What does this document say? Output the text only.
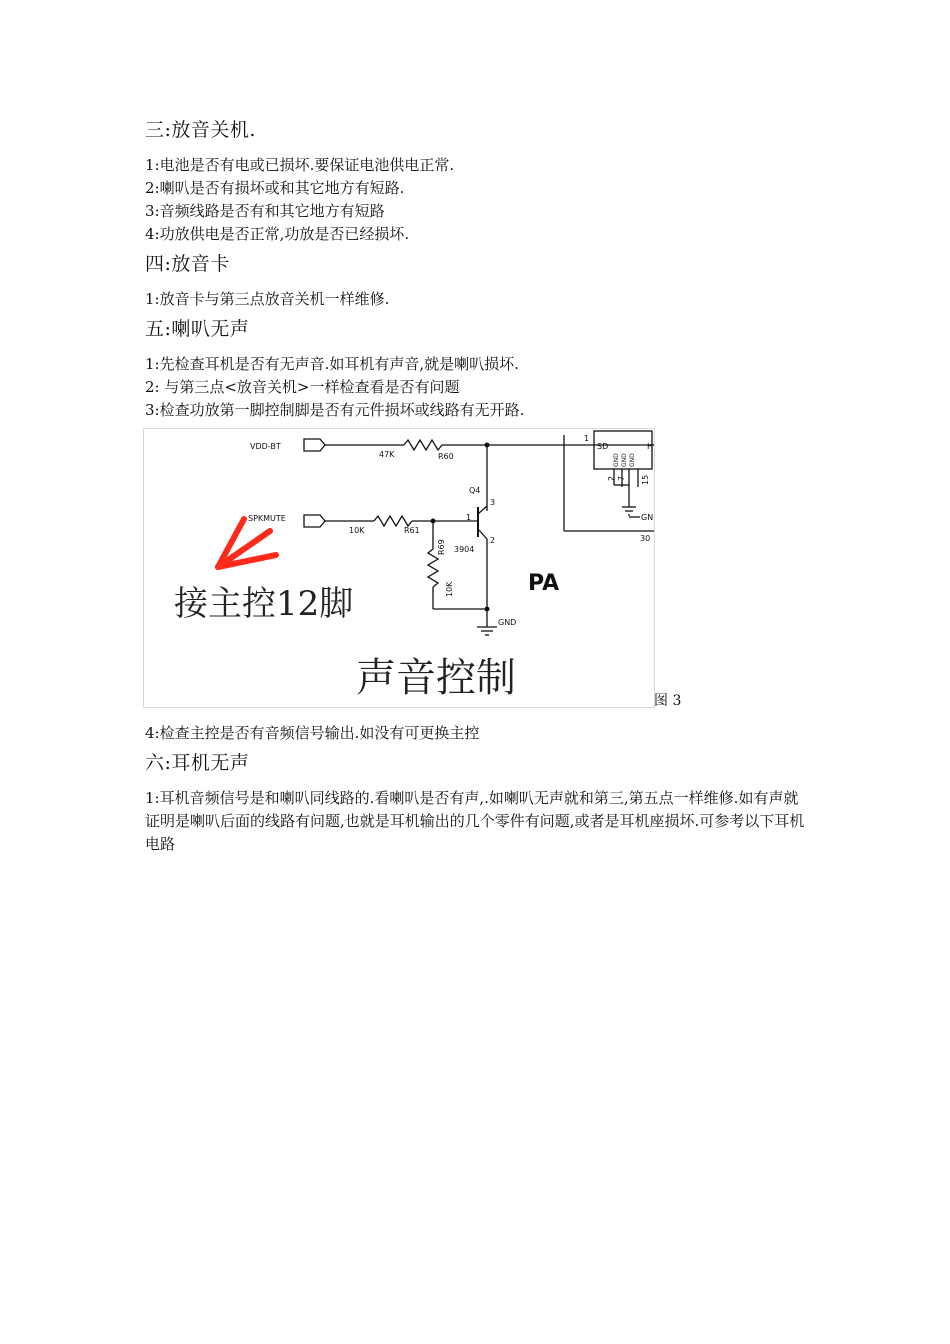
三:放音关机.

1:电池是否有电或已损坏.要保证电池供电正常.

2:喇叭是否有损坏或和其它地方有短路.

3:音频线路是否有和其它地方有短路

4:功放供电是否正常,功放是否已经损坏.

四:放音卡

1:放音卡与第三点放音关机一样维修.

五:喇叭无声

1:先检查耳机是否有无声音.如耳机有声音,就是喇叭损坏.

2: 与第三点<放音关机>一样检查看是否有问题

3:检查功放第一脚控制脚是否有元件损坏或线路有无开路.

VDD-BT
47K	R60
SPKMUTE
10K	R61
Q4
1
3
2
3904
R69
10K
GND
1
SD	H
2 7 15
GN
30
GND GND GND
PA
接主控12脚
声音控制	图 3

4:检查主控是否有音频信号输出.如没有可更换主控

六:耳机无声

1:耳机音频信号是和喇叭同线路的.看喇叭是否有声,.如喇叭无声就和第三,第五点一样维修.如有声就证明是喇叭后面的线路有问题,也就是耳机输出的几个零件有问题,或者是耳机座损坏.可参考以下耳机电路
